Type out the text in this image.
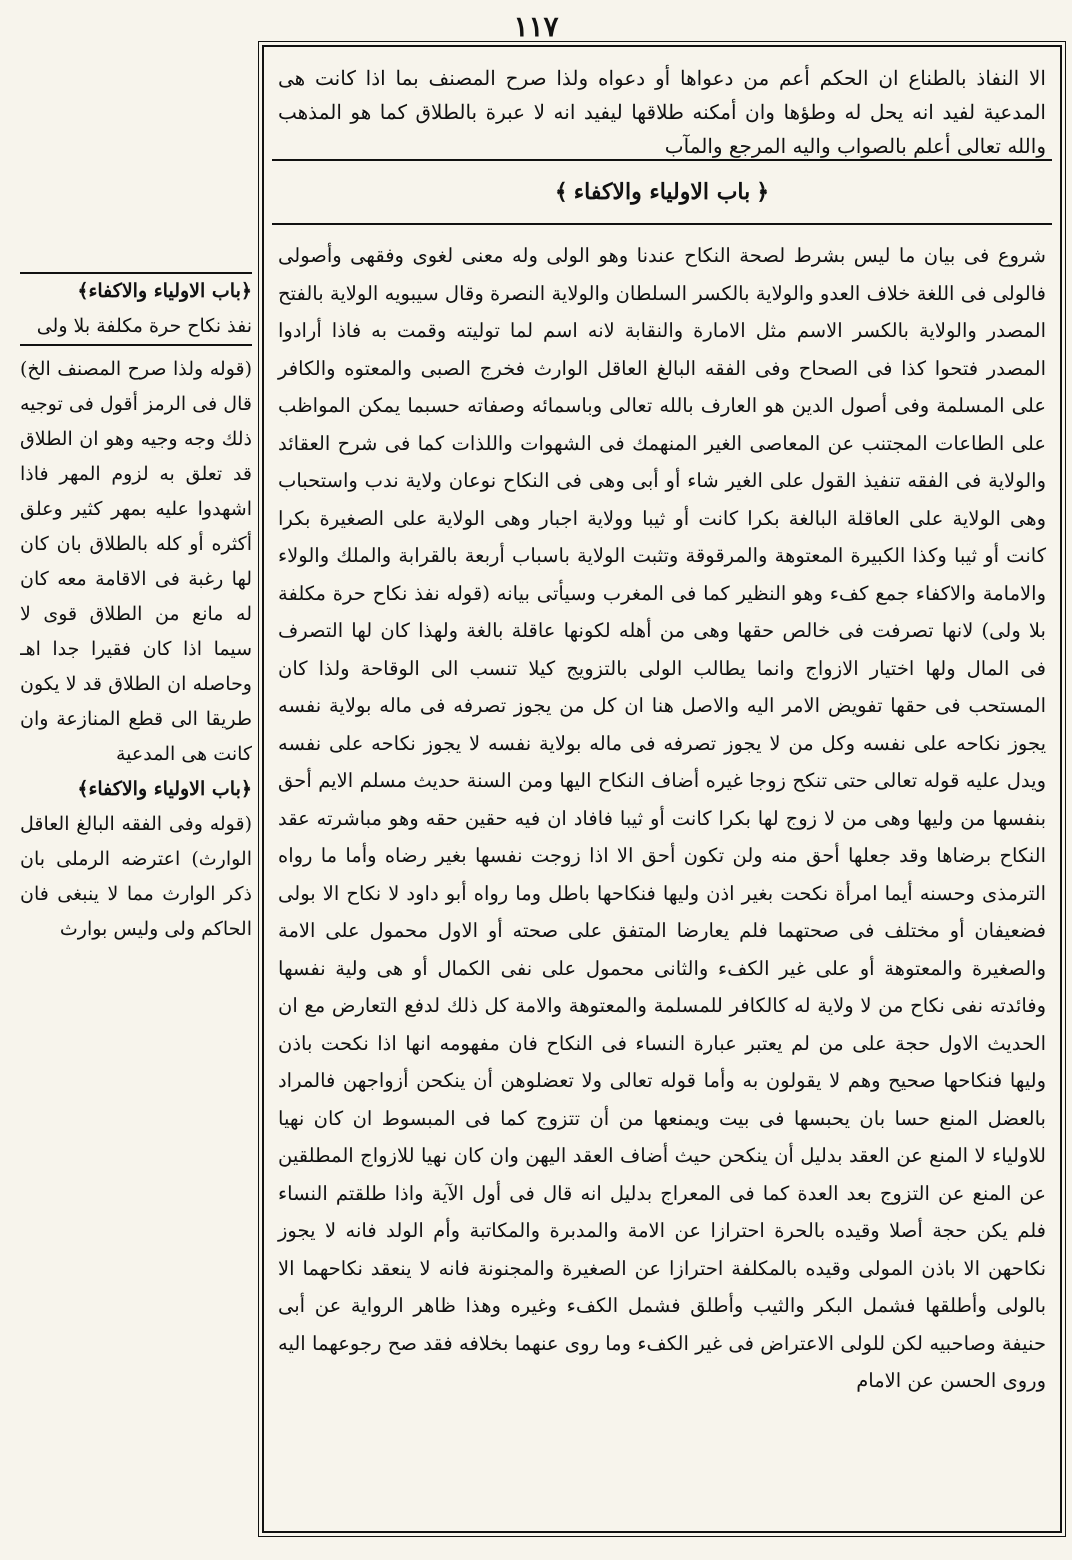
١١٧
﴿باب الاولياء والاكفاء﴾
نفذ نكاح حرة مكلفة بلا ولى
(قوله ولذا صرح المصنف الخ) قال فى الرمز أقول فى توجيه ذلك وجه وجيه وهو ان الطلاق قد تعلق به لزوم المهر فاذا اشهدوا عليه بمهر كثير وعلق أكثره أو كله بالطلاق بان كان لها رغبة فى الاقامة معه كان له مانع من الطلاق قوى لا سيما اذا كان فقيرا جدا اهـ وحاصله ان الطلاق قد لا يكون طريقا الى قطع المنازعة وان كانت هى المدعية
﴿باب الاولياء والاكفاء﴾
(قوله وفى الفقه البالغ العاقل الوارث) اعترضه الرملى بان ذكر الوارث مما لا ينبغى فان الحاكم ولى وليس بوارث
الا النفاذ بالطناع ان الحكم أعم من دعواها أو دعواه ولذا صرح المصنف بما اذا كانت هى المدعية لفيد انه يحل له وطؤها وان أمكنه طلاقها ليفيد انه لا عبرة بالطلاق كما هو المذهب والله تعالى أعلم بالصواب واليه المرجع والمآب
﴿باب الاولياء والاكفاء﴾
شروع فى بيان ما ليس بشرط لصحة النكاح عندنا وهو الولى وله معنى لغوى وفقهى وأصولى فالولى فى اللغة خلاف العدو والولاية بالكسر السلطان والولاية النصرة وقال سيبويه الولاية بالفتح المصدر والولاية بالكسر الاسم مثل الامارة والنقابة لانه اسم لما توليته وقمت به فاذا أرادوا المصدر فتحوا كذا فى الصحاح وفى الفقه البالغ العاقل الوارث فخرج الصبى والمعتوه والكافر على المسلمة وفى أصول الدين هو العارف بالله تعالى وباسمائه وصفاته حسبما يمكن المواظب على الطاعات المجتنب عن المعاصى الغير المنهمك فى الشهوات واللذات كما فى شرح العقائد والولاية فى الفقه تنفيذ القول على الغير شاء أو أبى وهى فى النكاح نوعان ولاية ندب واستحباب وهى الولاية على العاقلة البالغة بكرا كانت أو ثيبا وولاية اجبار وهى الولاية على الصغيرة بكرا كانت أو ثيبا وكذا الكبيرة المعتوهة والمرقوقة وتثبت الولاية باسباب أربعة بالقرابة والملك والولاء والامامة والاكفاء جمع كفء وهو النظير كما فى المغرب وسيأتى بيانه (قوله نفذ نكاح حرة مكلفة بلا ولى) لانها تصرفت فى خالص حقها وهى من أهله لكونها عاقلة بالغة ولهذا كان لها التصرف فى المال ولها اختيار الازواج وانما يطالب الولى بالتزويج كيلا تنسب الى الوقاحة ولذا كان المستحب فى حقها تفويض الامر اليه والاصل هنا ان كل من يجوز تصرفه فى ماله بولاية نفسه يجوز نكاحه على نفسه وكل من لا يجوز تصرفه فى ماله بولاية نفسه لا يجوز نكاحه على نفسه ويدل عليه قوله تعالى حتى تنكح زوجا غيره أضاف النكاح اليها ومن السنة حديث مسلم الايم أحق بنفسها من وليها وهى من لا زوج لها بكرا كانت أو ثيبا فافاد ان فيه حقين حقه وهو مباشرته عقد النكاح برضاها وقد جعلها أحق منه ولن تكون أحق الا اذا زوجت نفسها بغير رضاه وأما ما رواه الترمذى وحسنه أيما امرأة نكحت بغير اذن وليها فنكاحها باطل وما رواه أبو داود لا نكاح الا بولى فضعيفان أو مختلف فى صحتهما فلم يعارضا المتفق على صحته أو الاول محمول على الامة والصغيرة والمعتوهة أو على غير الكفء والثانى محمول على نفى الكمال أو هى ولية نفسها وفائدته نفى نكاح من لا ولاية له كالكافر للمسلمة والمعتوهة والامة كل ذلك لدفع التعارض مع ان الحديث الاول حجة على من لم يعتبر عبارة النساء فى النكاح فان مفهومه انها اذا نكحت باذن وليها فنكاحها صحيح وهم لا يقولون به وأما قوله تعالى ولا تعضلوهن أن ينكحن أزواجهن فالمراد بالعضل المنع حسا بان يحبسها فى بيت ويمنعها من أن تتزوج كما فى المبسوط ان كان نهيا للاولياء لا المنع عن العقد بدليل أن ينكحن حيث أضاف العقد اليهن وان كان نهيا للازواج المطلقين عن المنع عن التزوج بعد العدة كما فى المعراج بدليل انه قال فى أول الآية واذا طلقتم النساء فلم يكن حجة أصلا وقيده بالحرة احترازا عن الامة والمدبرة والمكاتبة وأم الولد فانه لا يجوز نكاحهن الا باذن المولى وقيده بالمكلفة احترازا عن الصغيرة والمجنونة فانه لا ينعقد نكاحهما الا بالولى وأطلقها فشمل البكر والثيب وأطلق فشمل الكفء وغيره وهذا ظاهر الرواية عن أبى حنيفة وصاحبيه لكن للولى الاعتراض فى غير الكفء وما روى عنهما بخلافه فقد صح رجوعهما اليه وروى الحسن عن الامام
